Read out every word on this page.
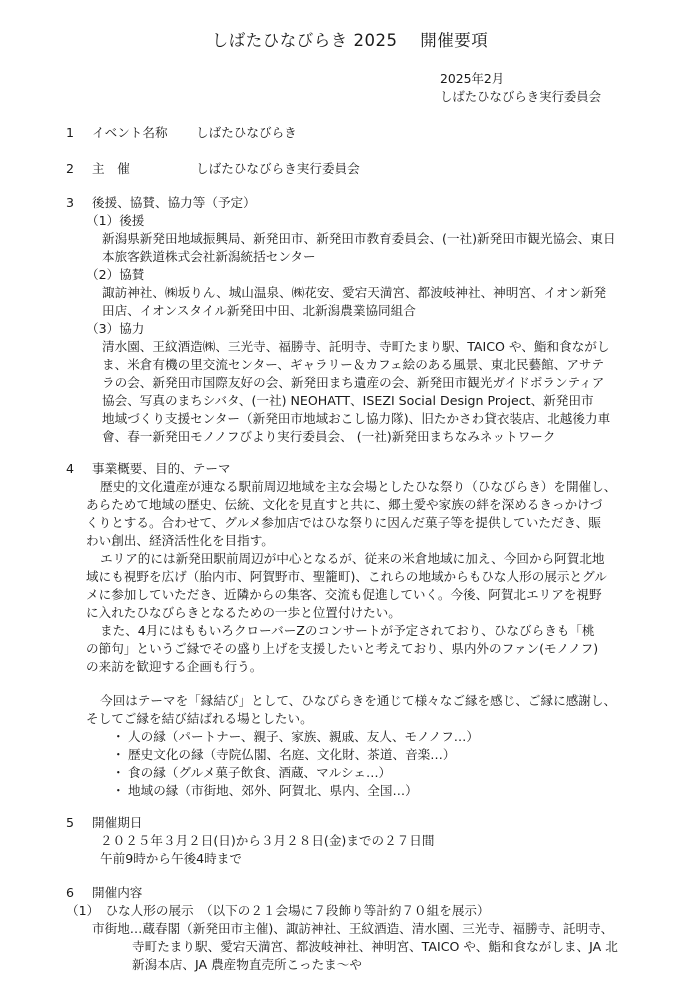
しばたひなびらき 2025　 開催要項
2025年2月
しばたひなびらき実行委員会
1 イベント名称 しばたひなびらき
2 主　催	しばたひなびらき実行委員会
3 後援、協賛、協力等（予定）
（1）後援
新潟県新発田地域振興局、新発田市、新発田市教育委員会、(一社)新発田市観光協会、東日
本旅客鉄道株式会社新潟統括センター
（2）協賛
諏訪神社、㈱坂りん、城山温泉、㈱花安、愛宕天満宮、都波岐神社、神明宮、イオン新発
田店、イオンスタイル新発田中田、北新潟農業協同組合
（3）協力
清水園、王紋酒造㈱、三光寺、福勝寺、託明寺、寺町たまり駅、TAICO や、鮨和食ながし
ま、米倉有機の里交流センター、ギャラリー＆カフェ絵のある風景、東北民藝館、アサテ
ラの会、新発田市国際友好の会、新発田まち遺産の会、新発田市観光ガイドボランティア
協会、写真のまちシバタ、(一社) NEOHATT、ISEZI Social Design Project、新発田市
地域づくり支援センター（新発田市地域おこし協力隊)、旧たかさわ貸衣装店、北越後力車
會、春一新発田モノノフびより実行委員会、 (一社)新発田まちなみネットワーク
4 事業概要、目的、テーマ
歴史的文化遺産が連なる駅前周辺地域を主な会場としたひな祭り（ひなびらき）を開催し、
あらためて地域の歴史、伝統、文化を見直すと共に、郷土愛や家族の絆を深めるきっかけづ
くりとする。合わせて、グルメ参加店ではひな祭りに因んだ菓子等を提供していただき、賑
わい創出、経済活性化を目指す。
エリア的には新発田駅前周辺が中心となるが、従来の米倉地域に加え、今回から阿賀北地
域にも視野を広げ（胎内市、阿賀野市、聖籠町)、これらの地域からもひな人形の展示とグル
メに参加していただき、近隣からの集客、交流も促進していく。今後、阿賀北エリアを視野
に入れたひなびらきとなるための一歩と位置付けたい。
また、4月にはももいろクローバーZのコンサートが予定されており、ひなびらきも「桃
の節句」というご縁でその盛り上げを支援したいと考えており、県内外のファン(モノノフ)
の来訪を歓迎する企画も行う。
今回はテーマを「縁結び」として、ひなびらきを通じて様々なご縁を感じ、ご縁に感謝し、
そしてご縁を結び結ばれる場としたい。
・ 人の縁（パートナー、親子、家族、親戚、友人、モノノフ…）
・ 歴史文化の縁（寺院仏閣、名庭、文化財、茶道、音楽…）
・ 食の縁（グルメ菓子飲食、酒蔵、マルシェ…）
・ 地域の縁（市街地、郊外、阿賀北、県内、全国…）
5 開催期日
２０２５年３月２日(日)から３月２８日(金)までの２７日間
午前9時から午後4時まで
6 開催内容
（1）　ひな人形の展示　（以下の２１会場に７段飾り等計約７０組を展示）
市街地…蔵春閣（新発田市主催)、諏訪神社、王紋酒造、清水園、三光寺、福勝寺、託明寺、
寺町たまり駅、愛宕天満宮、都波岐神社、神明宮、TAICO や、鮨和食ながしま、JA 北
新潟本店、JA 農産物直売所こったま〜や
